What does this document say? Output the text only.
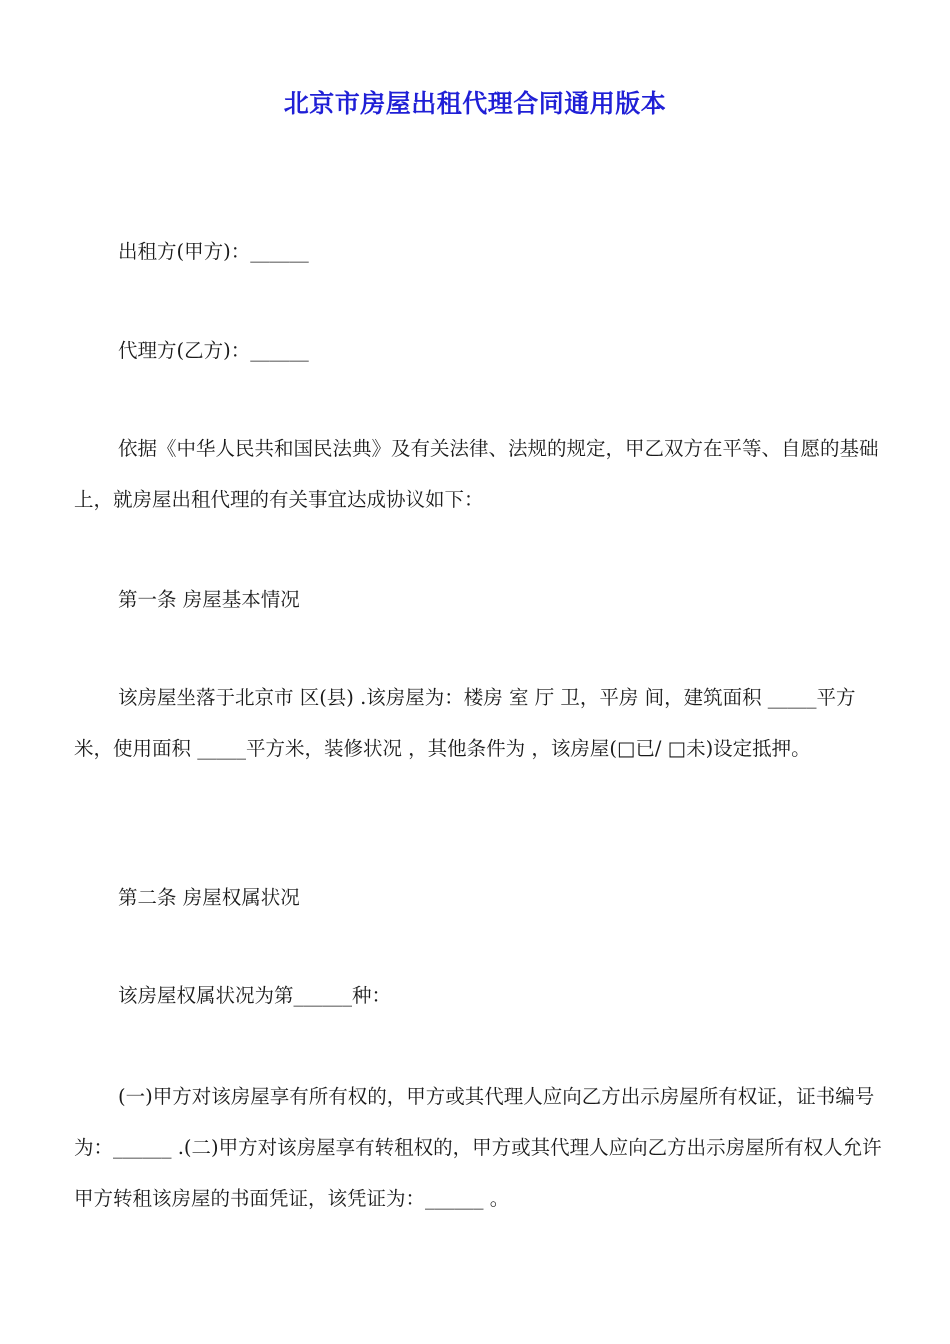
北京市房屋出租代理合同通用版本
出租方(甲方)：______
代理方(乙方)：______
依据《中华人民共和国民法典》及有关法律、法规的规定，甲乙双方在平等、自愿的基础上，就房屋出租代理的有关事宜达成协议如下：
第一条 房屋基本情况
该房屋坐落于北京市 区(县) .该房屋为：楼房 室 厅 卫，平房 间，建筑面积 _____平方米，使用面积 _____平方米，装修状况 ，其他条件为 ，该房屋(□已/ □未)设定抵押。
第二条 房屋权属状况
该房屋权属状况为第______种：
(一)甲方对该房屋享有所有权的，甲方或其代理人应向乙方出示房屋所有权证，证书编号为：______ .(二)甲方对该房屋享有转租权的，甲方或其代理人应向乙方出示房屋所有权人允许甲方转租该房屋的书面凭证，该凭证为：______ 。
